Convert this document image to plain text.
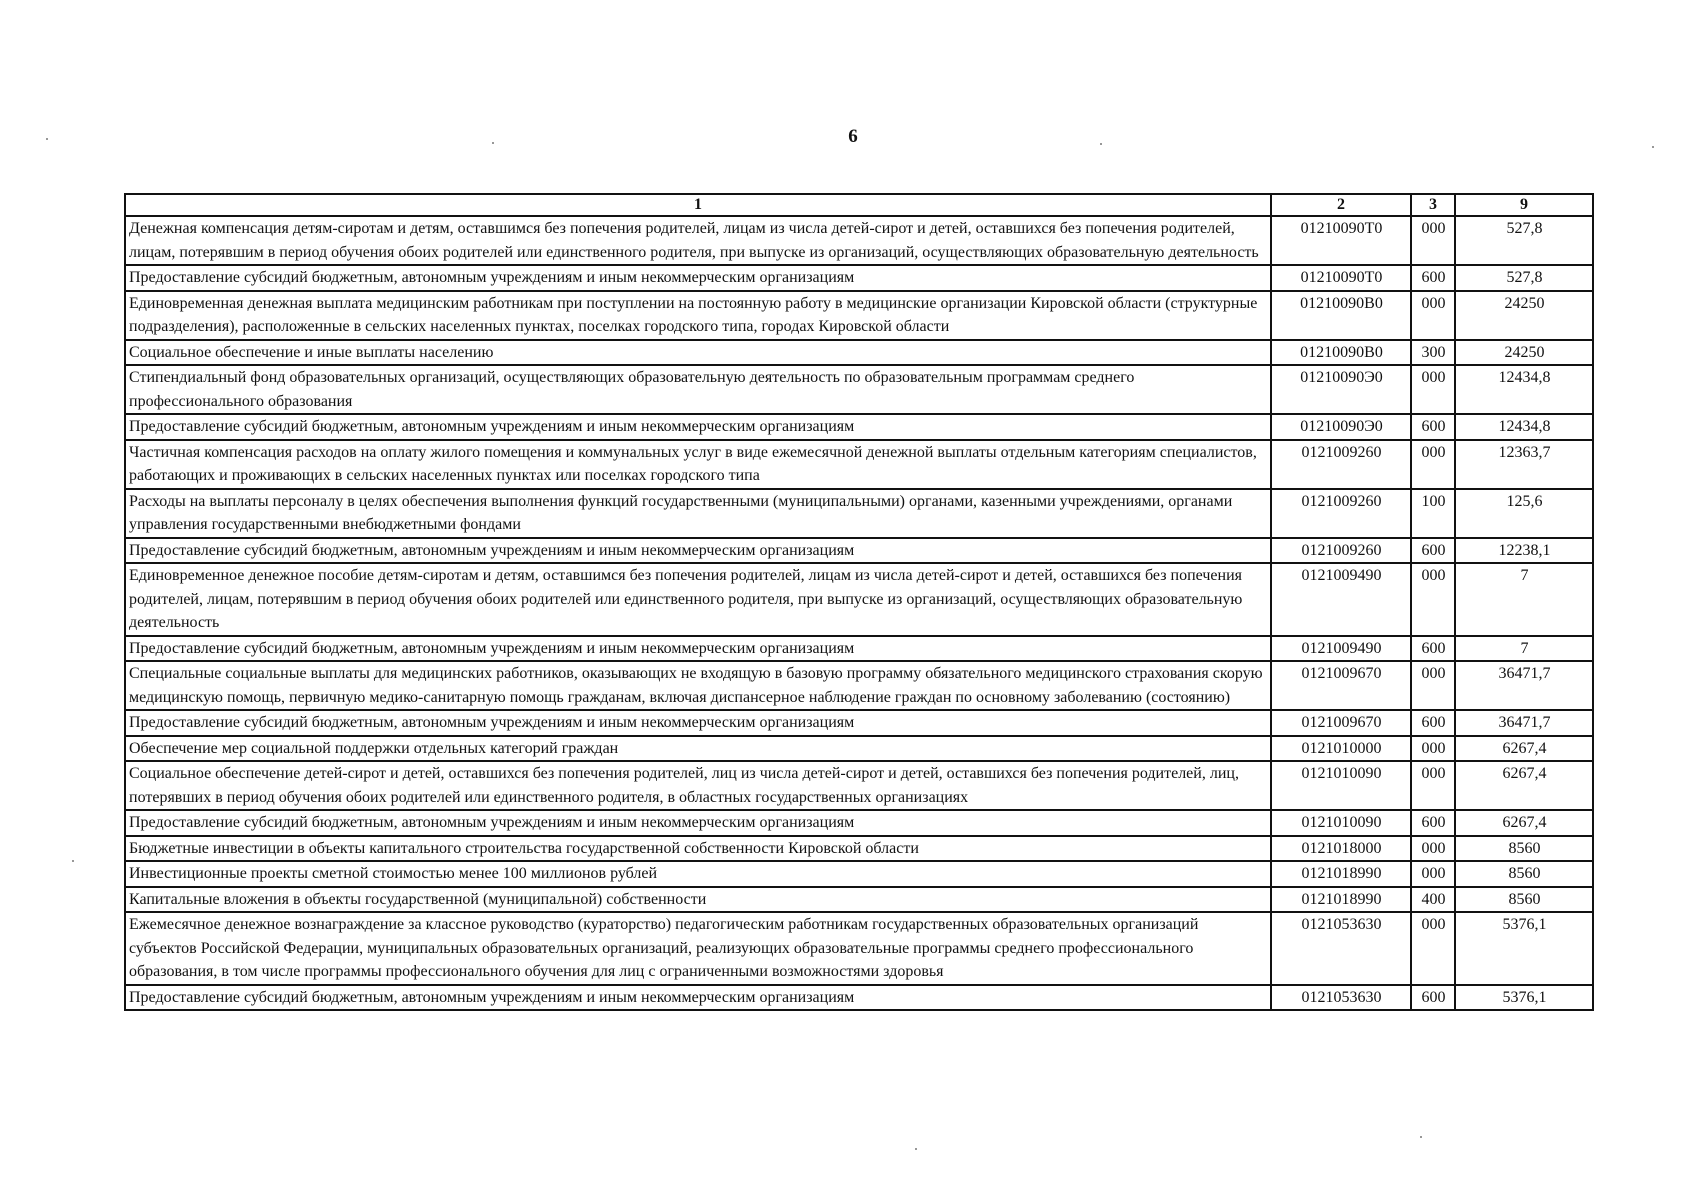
6
1	2	3	9
Денежная компенсация детям-сиротам и детям, оставшимся без попечения родителей, лицам из числа детей-сирот и детей, оставшихся без попечения родителей, лицам, потерявшим в период обучения обоих родителей или единственного родителя, при выпуске из организаций, осуществляющих образовательную деятельность	01210090Т0	000	527,8
Предоставление субсидий бюджетным, автономным учреждениям и иным некоммерческим организациям	01210090Т0	600	527,8
Единовременная денежная выплата медицинским работникам при поступлении на постоянную работу в медицинские организации Кировской области (структурные подразделения), расположенные в сельских населенных пунктах, поселках городского типа, городах Кировской области	01210090В0	000	24250
Социальное обеспечение и иные выплаты населению	01210090В0	300	24250
Стипендиальный фонд образовательных организаций, осуществляющих образовательную деятельность по образовательным программам среднего профессионального образования	01210090Э0	000	12434,8
Предоставление субсидий бюджетным, автономным учреждениям и иным некоммерческим организациям	01210090Э0	600	12434,8
Частичная компенсация расходов на оплату жилого помещения и коммунальных услуг в виде ежемесячной денежной выплаты отдельным категориям специалистов, работающих и проживающих в сельских населенных пунктах или поселках городского типа	0121009260	000	12363,7
Расходы на выплаты персоналу в целях обеспечения выполнения функций государственными (муниципальными) органами, казенными учреждениями, органами управления государственными внебюджетными фондами	0121009260	100	125,6
Предоставление субсидий бюджетным, автономным учреждениям и иным некоммерческим организациям	0121009260	600	12238,1
Единовременное денежное пособие детям-сиротам и детям, оставшимся без попечения родителей, лицам из числа детей-сирот и детей, оставшихся без попечения родителей, лицам, потерявшим в период обучения обоих родителей или единственного родителя, при выпуске из организаций, осуществляющих образовательную деятельность	0121009490	000	7
Предоставление субсидий бюджетным, автономным учреждениям и иным некоммерческим организациям	0121009490	600	7
Специальные социальные выплаты для медицинских работников, оказывающих не входящую в базовую программу обязательного медицинского страхования скорую медицинскую помощь, первичную медико-санитарную помощь гражданам, включая диспансерное наблюдение граждан по основному заболеванию (состоянию)	0121009670	000	36471,7
Предоставление субсидий бюджетным, автономным учреждениям и иным некоммерческим организациям	0121009670	600	36471,7
Обеспечение мер социальной поддержки отдельных категорий граждан	0121010000	000	6267,4
Социальное обеспечение детей-сирот и детей, оставшихся без попечения родителей, лиц из числа детей-сирот и детей, оставшихся без попечения родителей, лиц, потерявших в период обучения обоих родителей или единственного родителя, в областных государственных организациях	0121010090	000	6267,4
Предоставление субсидий бюджетным, автономным учреждениям и иным некоммерческим организациям	0121010090	600	6267,4
Бюджетные инвестиции в объекты капитального строительства государственной собственности Кировской области	0121018000	000	8560
Инвестиционные проекты сметной стоимостью менее 100 миллионов рублей	0121018990	000	8560
Капитальные вложения в объекты государственной (муниципальной) собственности	0121018990	400	8560
Ежемесячное денежное вознаграждение за классное руководство (кураторство) педагогическим работникам государственных образовательных организаций субъектов Российской Федерации, муниципальных образовательных организаций, реализующих образовательные программы среднего профессионального образования, в том числе программы профессионального обучения для лиц с ограниченными возможностями здоровья	0121053630	000	5376,1
Предоставление субсидий бюджетным, автономным учреждениям и иным некоммерческим организациям	0121053630	600	5376,1
